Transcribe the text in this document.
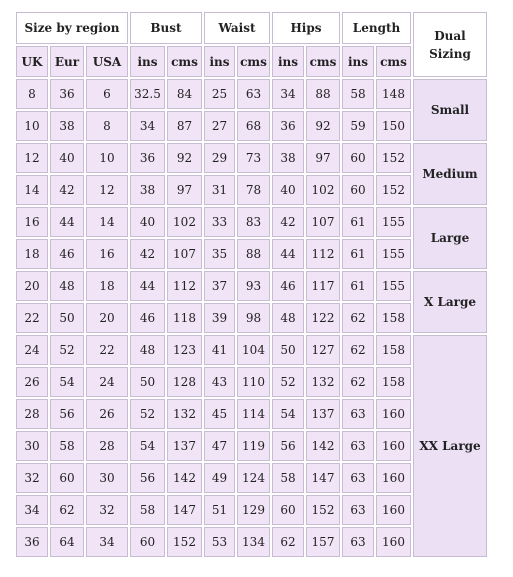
Size by region			Bust		Waist		Hips		Length		Dual
Sizing
UK	Eur	USA	ins	cms	ins	cms	ins	cms	ins	cms	
8	36	6	32.5	84	25	63	34	88	58	148	Small
10	38	8	34	87	27	68	36	92	59	150	
12	40	10	36	92	29	73	38	97	60	152	Medium
14	42	12	38	97	31	78	40	102	60	152	
16	44	14	40	102	33	83	42	107	61	155	Large
18	46	16	42	107	35	88	44	112	61	155	
20	48	18	44	112	37	93	46	117	61	155	X Large
22	50	20	46	118	39	98	48	122	62	158	
24	52	22	48	123	41	104	50	127	62	158	XX Large
26	54	24	50	128	43	110	52	132	62	158	
28	56	26	52	132	45	114	54	137	63	160	
30	58	28	54	137	47	119	56	142	63	160	
32	60	30	56	142	49	124	58	147	63	160	
34	62	32	58	147	51	129	60	152	63	160	
36	64	34	60	152	53	134	62	157	63	160	
